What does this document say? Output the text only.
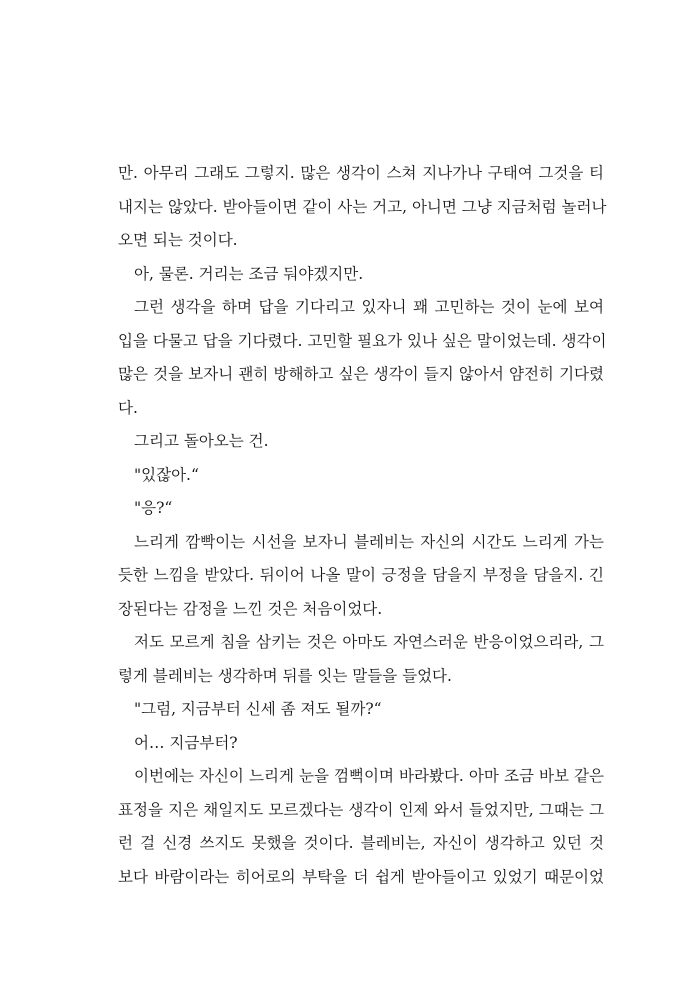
만. 아무리 그래도 그렇지. 많은 생각이 스쳐 지나가나 구태여 그것을 티
내지는 않았다. 받아들이면 같이 사는 거고, 아니면 그냥 지금처럼 놀러나
오면 되는 것이다.
아, 물론. 거리는 조금 둬야겠지만.
그런 생각을 하며 답을 기다리고 있자니 꽤 고민하는 것이 눈에 보여
입을 다물고 답을 기다렸다. 고민할 필요가 있나 싶은 말이었는데. 생각이
많은 것을 보자니 괜히 방해하고 싶은 생각이 들지 않아서 얌전히 기다렸
다.
그리고 돌아오는 건.
"있잖아.“
"응?“
느리게 깜빡이는 시선을 보자니 블레비는 자신의 시간도 느리게 가는
듯한 느낌을 받았다. 뒤이어 나올 말이 긍정을 담을지 부정을 담을지. 긴
장된다는 감정을 느낀 것은 처음이었다.
저도 모르게 침을 삼키는 것은 아마도 자연스러운 반응이었으리라, 그
렇게 블레비는 생각하며 뒤를 잇는 말들을 들었다.
"그럼, 지금부터 신세 좀 져도 될까?“
어… 지금부터?
이번에는 자신이 느리게 눈을 껌뻑이며 바라봤다. 아마 조금 바보 같은
표정을 지은 채일지도 모르겠다는 생각이 인제 와서 들었지만, 그때는 그
런 걸 신경 쓰지도 못했을 것이다. 블레비는, 자신이 생각하고 있던 것
보다 바람이라는 히어로의 부탁을 더 쉽게 받아들이고 있었기 때문이었
